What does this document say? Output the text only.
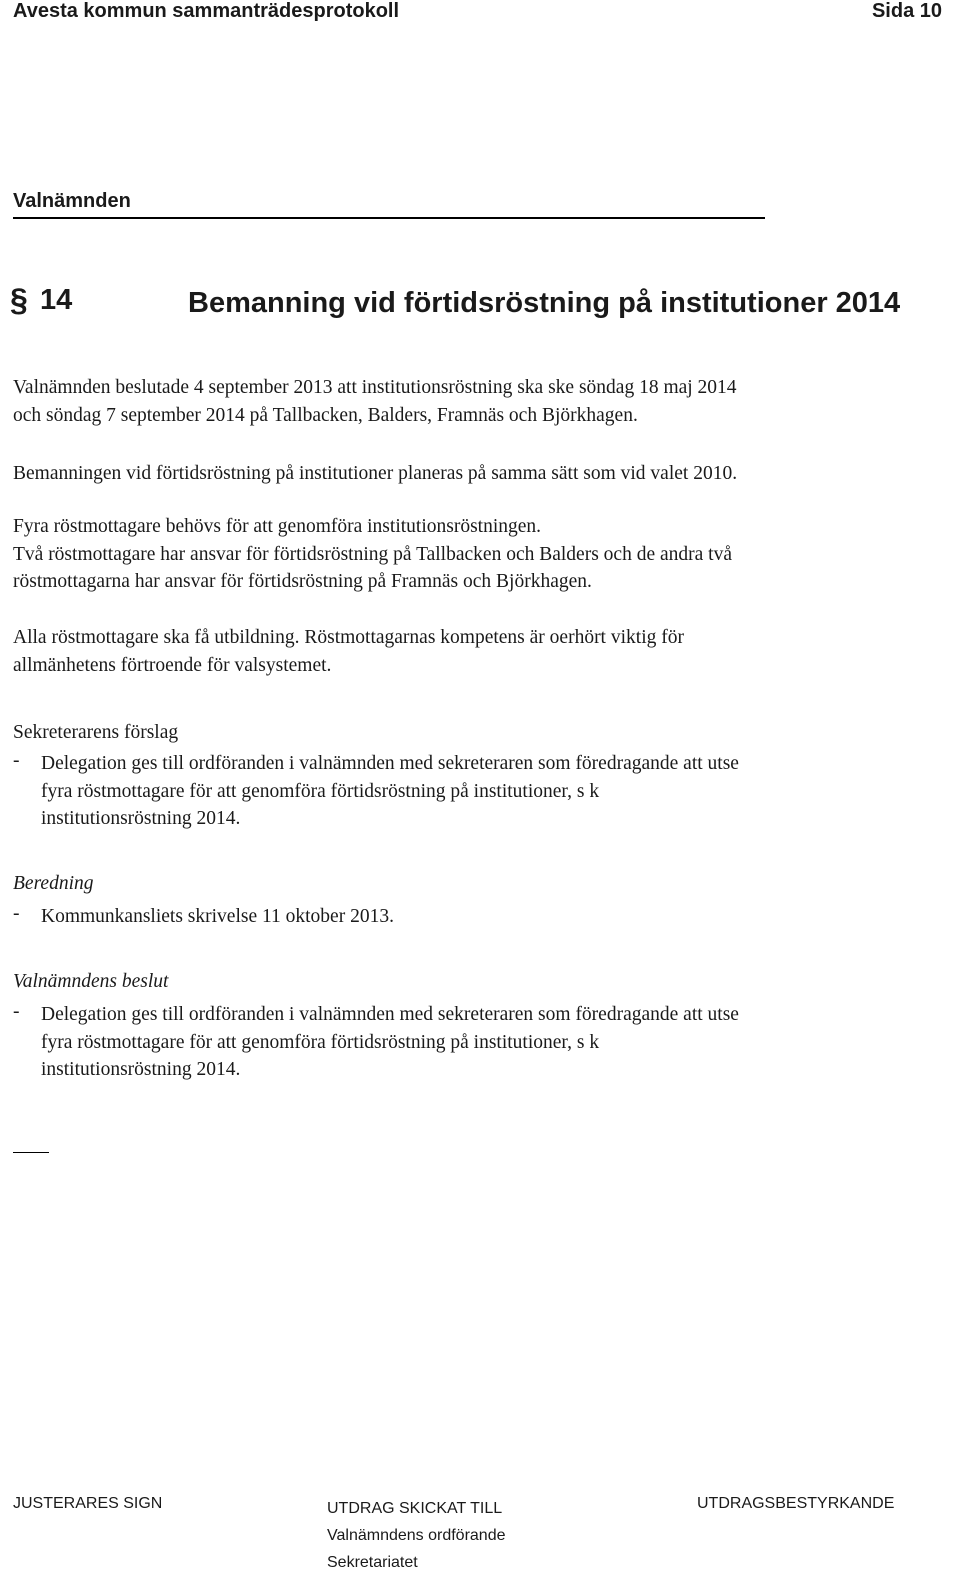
Avesta kommun sammanträdesprotokoll	Sida 10
Valnämnden
§ 14	Bemanning vid förtidsröstning på institutioner 2014
Valnämnden beslutade 4 september 2013 att institutionsröstning ska ske söndag 18 maj 2014
och söndag 7 september 2014 på Tallbacken, Balders, Framnäs och Björkhagen.
Bemanningen vid förtidsröstning på institutioner planeras på samma sätt som vid valet 2010.
Fyra röstmottagare behövs för att genomföra institutionsröstningen.
Två röstmottagare har ansvar för förtidsröstning på Tallbacken och Balders och de andra två
röstmottagarna har ansvar för förtidsröstning på Framnäs och Björkhagen.
Alla röstmottagare ska få utbildning. Röstmottagarnas kompetens är oerhört viktig för
allmänhetens förtroende för valsystemet.
Sekreterarens förslag
- Delegation ges till ordföranden i valnämnden med sekreteraren som föredragande att utse
fyra röstmottagare för att genomföra förtidsröstning på institutioner, s k
institutionsröstning 2014.
Beredning
- Kommunkansliets skrivelse 11 oktober 2013.
Valnämndens beslut
- Delegation ges till ordföranden i valnämnden med sekreteraren som föredragande att utse
fyra röstmottagare för att genomföra förtidsröstning på institutioner, s k
institutionsröstning 2014.
JUSTERARES SIGN	UTDRAG SKICKAT TILL
Valnämndens ordförande
Sekretariatet
UTDRAGSBESTYRKANDE
